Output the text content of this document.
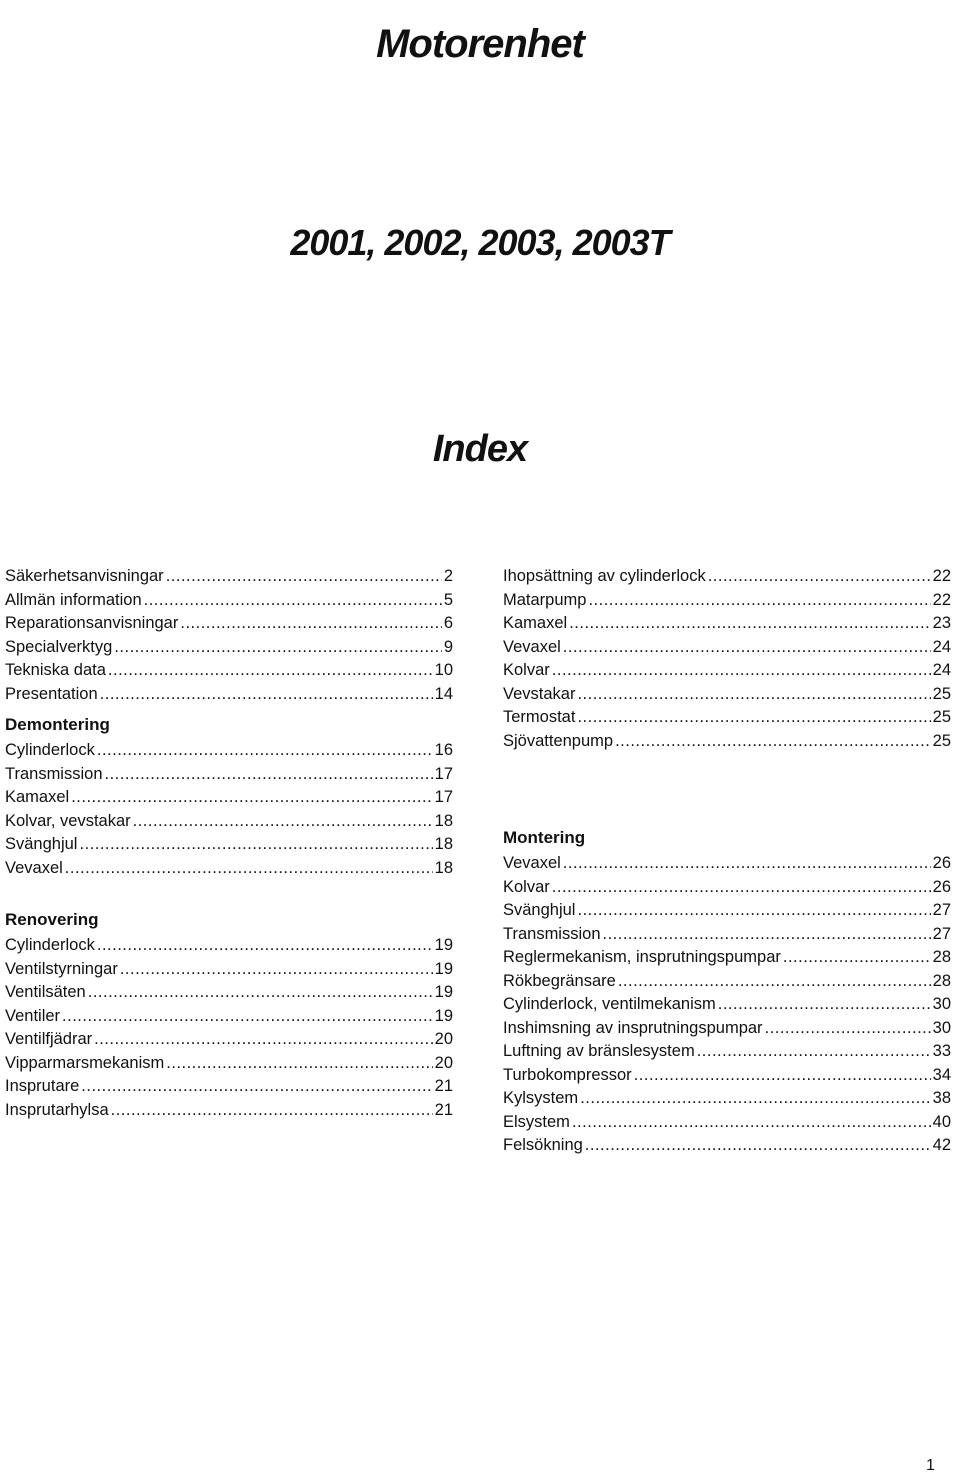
Motorenhet
2001, 2002, 2003, 2003T
Index
Säkerhetsanvisningar .....	2
Allmän information .....	5
Reparationsanvisningar .....	6
Specialverktyg .....	9
Tekniska data .....	10
Presentation .....	14
Demontering
Cylinderlock .....	16
Transmission .....	17
Kamaxel .....	17
Kolvar, vevstakar .....	18
Svänghjul .....	18
Vevaxel .....	18
Renovering
Cylinderlock .....	19
Ventilstyrningar .....	19
Ventilsäten .....	19
Ventiler .....	19
Ventilfjädrar .....	20
Vipparmarsmekanism .....	20
Insprutare .....	21
Insprutarhylsa .....	21
Ihopsättning av cylinderlock .....	22
Matarpump .....	22
Kamaxel .....	23
Vevaxel .....	24
Kolvar .....	24
Vevstakar .....	25
Termostat .....	25
Sjövattenpump .....	25
Montering
Vevaxel .....	26
Kolvar .....	26
Svänghjul .....	27
Transmission .....	27
Reglermekanism, insprutningspumpar .....	28
Rökbegränsare .....	28
Cylinderlock, ventilmekanism .....	30
Inshimsning av insprutningspumpar .....	30
Luftning av bränslesystem .....	33
Turbokompressor .....	34
Kylsystem .....	38
Elsystem .....	40
Felsökning .....	42
1
